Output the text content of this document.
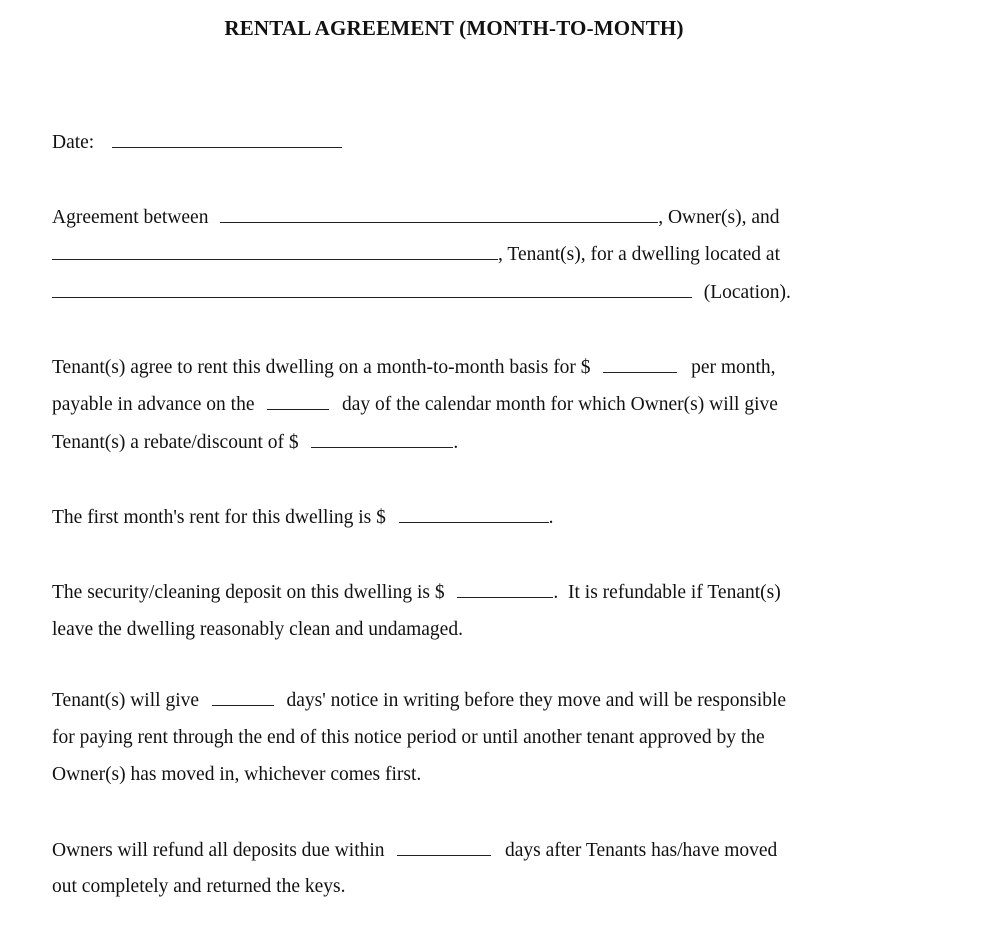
RENTAL AGREEMENT (MONTH-TO-MONTH)

Date:

Agreement between	, Owner(s), and

, Tenant(s), for a dwelling located at

(Location).

Tenant(s) agree to rent this dwelling on a month-to-month basis for $	per month,

payable in advance on the	day of the calendar month for which Owner(s) will give

Tenant(s) a rebate/discount of $	.

The first month's rent for this dwelling is $	.

The security/cleaning deposit on this dwelling is $	.  It is refundable if Tenant(s)

leave the dwelling reasonably clean and undamaged.

Tenant(s) will give	days' notice in writing before they move and will be responsible

for paying rent through the end of this notice period or until another tenant approved by the

Owner(s) has moved in, whichever comes first.

Owners will refund all deposits due within	days after Tenants has/have moved

out completely and returned the keys.
